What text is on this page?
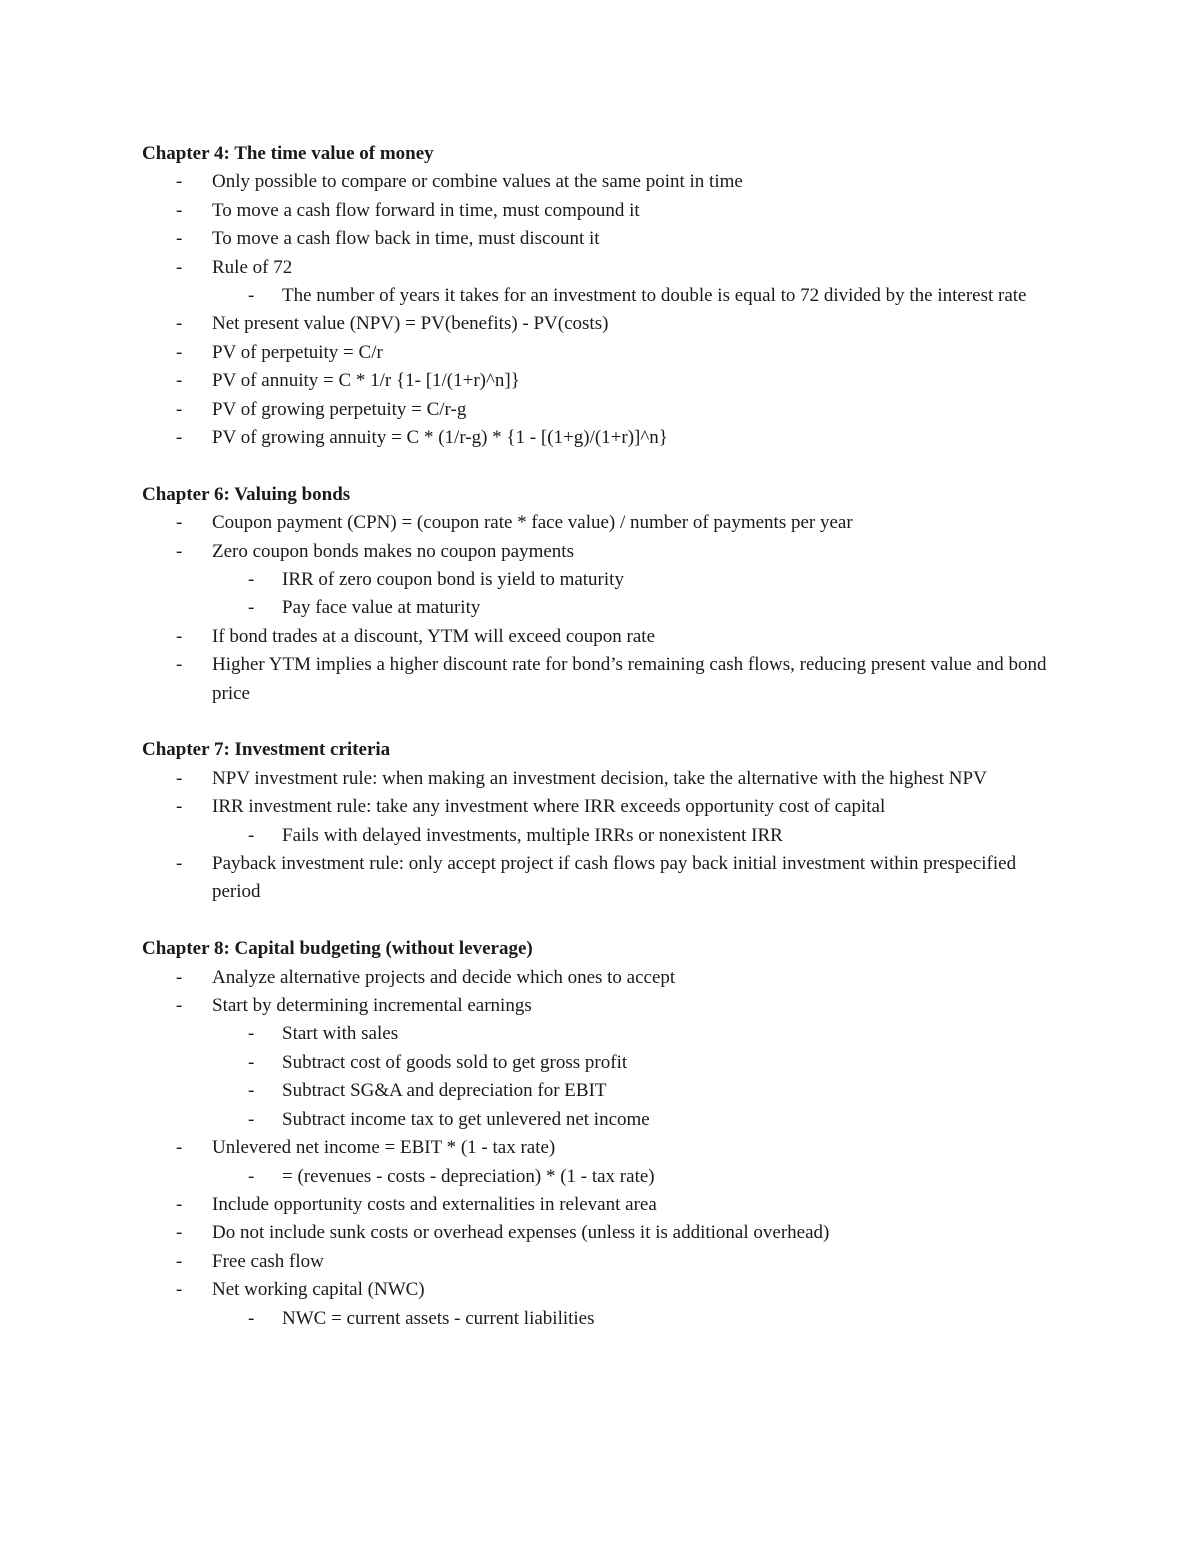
Chapter 4: The time value of money
- Only possible to compare or combine values at the same point in time
- To move a cash flow forward in time, must compound it
- To move a cash flow back in time, must discount it
- Rule of 72
- The number of years it takes for an investment to double is equal to 72 divided by the interest rate
- Net present value (NPV) = PV(benefits) - PV(costs)
- PV of perpetuity = C/r
- PV of annuity = C * 1/r {1- [1/(1+r)^n]}
- PV of growing perpetuity = C/r-g
- PV of growing annuity = C * (1/r-g) * {1 - [(1+g)/(1+r)]^n}
Chapter 6: Valuing bonds
- Coupon payment (CPN) = (coupon rate * face value) / number of payments per year
- Zero coupon bonds makes no coupon payments
- IRR of zero coupon bond is yield to maturity
- Pay face value at maturity
- If bond trades at a discount, YTM will exceed coupon rate
- Higher YTM implies a higher discount rate for bond’s remaining cash flows, reducing present value and bond price
Chapter 7: Investment criteria
- NPV investment rule: when making an investment decision, take the alternative with the highest NPV
- IRR investment rule: take any investment where IRR exceeds opportunity cost of capital
- Fails with delayed investments, multiple IRRs or nonexistent IRR
- Payback investment rule: only accept project if cash flows pay back initial investment within prespecified period
Chapter 8: Capital budgeting (without leverage)
- Analyze alternative projects and decide which ones to accept
- Start by determining incremental earnings
- Start with sales
- Subtract cost of goods sold to get gross profit
- Subtract SG&A and depreciation for EBIT
- Subtract income tax to get unlevered net income
- Unlevered net income = EBIT * (1 - tax rate)
- = (revenues - costs - depreciation) * (1 - tax rate)
- Include opportunity costs and externalities in relevant area
- Do not include sunk costs or overhead expenses (unless it is additional overhead)
- Free cash flow
- Net working capital (NWC)
- NWC = current assets - current liabilities
